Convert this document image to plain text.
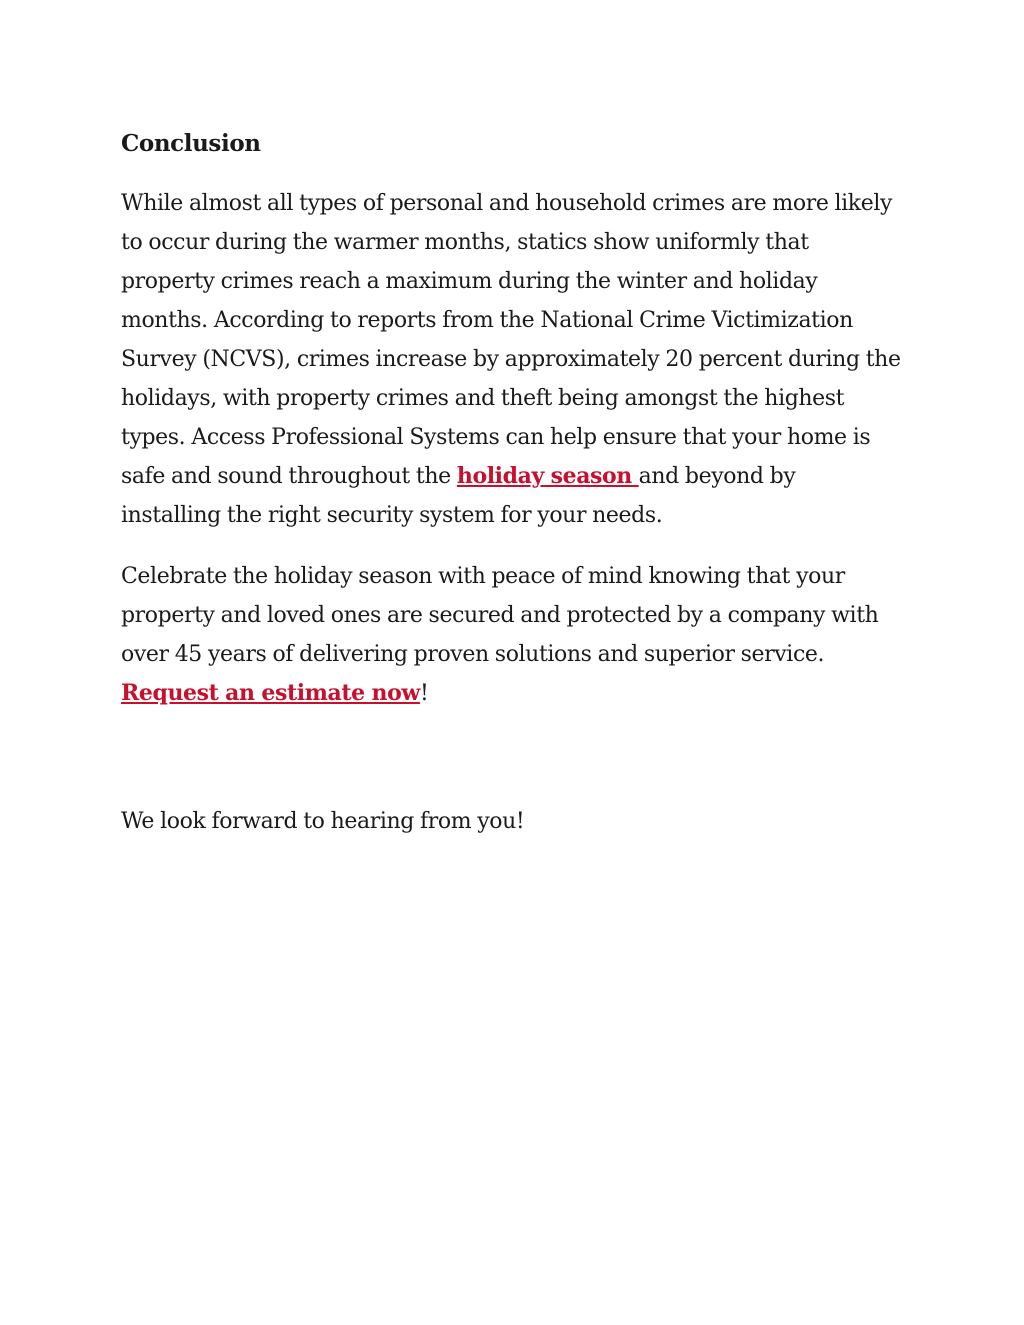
Conclusion

While almost all types of personal and household crimes are more likely to occur during the warmer months, statics show uniformly that property crimes reach a maximum during the winter and holiday months. According to reports from the National Crime Victimization Survey (NCVS), crimes increase by approximately 20 percent during the holidays, with property crimes and theft being amongst the highest types. Access Professional Systems can help ensure that your home is safe and sound throughout the holiday season and beyond by installing the right security system for your needs.

Celebrate the holiday season with peace of mind knowing that your property and loved ones are secured and protected by a company with over 45 years of delivering proven solutions and superior service. Request an estimate now!

We look forward to hearing from you!
